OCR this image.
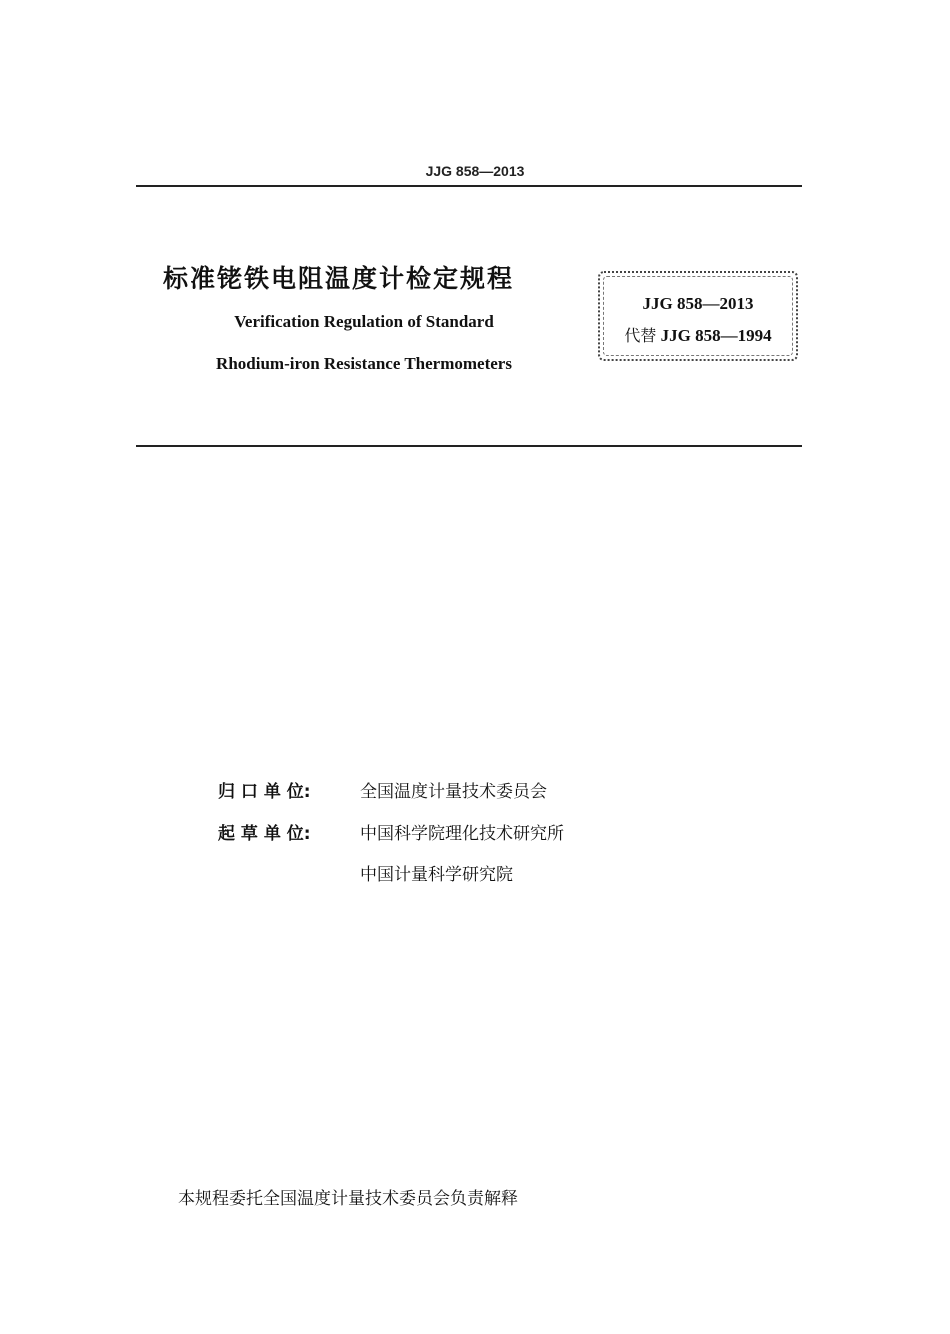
JJG 858—2013
标准铑铁电阻温度计检定规程
Verification Regulation of Standard
Rhodium-iron Resistance Thermometers
JJG 858—2013
代替 JJG 858—1994
归 口 单 位:	全国温度计量技术委员会
起 草 单 位:	中国科学院理化技术研究所
中国计量科学研究院
本规程委托全国温度计量技术委员会负责解释
